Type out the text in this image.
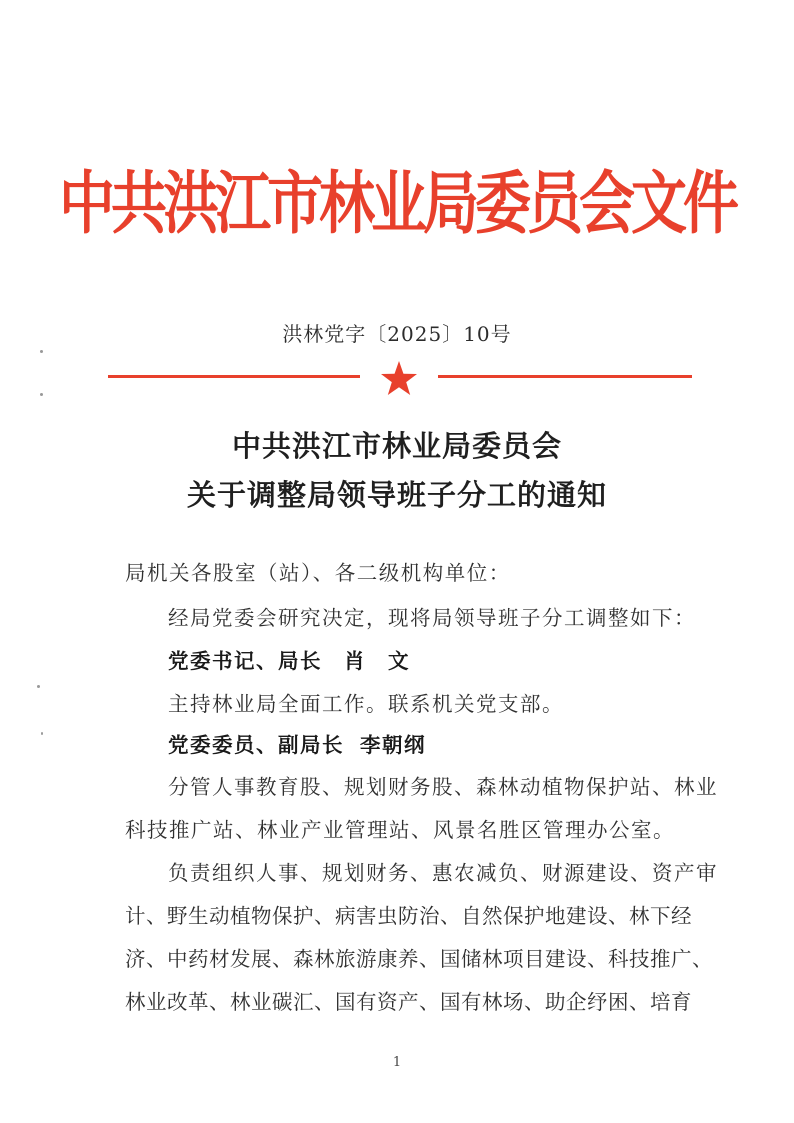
中共洪江市林业局委员会文件
洪林党字〔2025〕10号
中共洪江市林业局委员会
关于调整局领导班子分工的通知
局机关各股室（站）、各二级机构单位：
经局党委会研究决定，现将局领导班子分工调整如下：
党委书记、局长 肖　文
主持林业局全面工作。联系机关党支部。
党委委员、副局长 李朝纲
分管人事教育股、规划财务股、森林动植物保护站、林业
科技推广站、林业产业管理站、风景名胜区管理办公室。
负责组织人事、规划财务、惠农减负、财源建设、资产审
计、野生动植物保护、病害虫防治、自然保护地建设、林下经
济、中药材发展、森林旅游康养、国储林项目建设、科技推广、
林业改革、林业碳汇、国有资产、国有林场、助企纾困、培育
1
